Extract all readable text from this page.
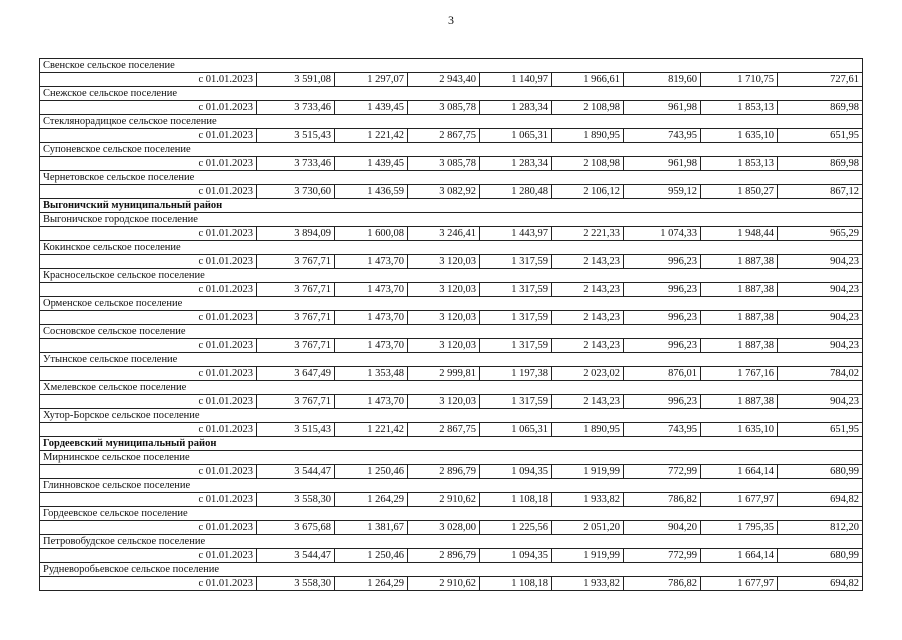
3
Свенское сельское поселение								
с 01.01.2023	3 591,08	1 297,07	2 943,40	1 140,97	1 966,61	819,60	1 710,75	727,61
Снежское сельское поселение								
с 01.01.2023	3 733,46	1 439,45	3 085,78	1 283,34	2 108,98	961,98	1 853,13	869,98
Стеклянорадицкое сельское поселение								
с 01.01.2023	3 515,43	1 221,42	2 867,75	1 065,31	1 890,95	743,95	1 635,10	651,95
Супоневское сельское поселение								
с 01.01.2023	3 733,46	1 439,45	3 085,78	1 283,34	2 108,98	961,98	1 853,13	869,98
Чернетовское сельское поселение								
с 01.01.2023	3 730,60	1 436,59	3 082,92	1 280,48	2 106,12	959,12	1 850,27	867,12
Выгоничский муниципальный район								
Выгоничское городское поселение								
с 01.01.2023	3 894,09	1 600,08	3 246,41	1 443,97	2 221,33	1 074,33	1 948,44	965,29
Кокинское сельское поселение								
с 01.01.2023	3 767,71	1 473,70	3 120,03	1 317,59	2 143,23	996,23	1 887,38	904,23
Красносельское сельское поселение								
с 01.01.2023	3 767,71	1 473,70	3 120,03	1 317,59	2 143,23	996,23	1 887,38	904,23
Орменское сельское поселение								
с 01.01.2023	3 767,71	1 473,70	3 120,03	1 317,59	2 143,23	996,23	1 887,38	904,23
Сосновское сельское поселение								
с 01.01.2023	3 767,71	1 473,70	3 120,03	1 317,59	2 143,23	996,23	1 887,38	904,23
Утынское сельское поселение								
с 01.01.2023	3 647,49	1 353,48	2 999,81	1 197,38	2 023,02	876,01	1 767,16	784,02
Хмелевское сельское поселение								
с 01.01.2023	3 767,71	1 473,70	3 120,03	1 317,59	2 143,23	996,23	1 887,38	904,23
Хутор-Борское сельское поселение								
с 01.01.2023	3 515,43	1 221,42	2 867,75	1 065,31	1 890,95	743,95	1 635,10	651,95
Гордеевский муниципальный район								
Мирнинское сельское поселение								
с 01.01.2023	3 544,47	1 250,46	2 896,79	1 094,35	1 919,99	772,99	1 664,14	680,99
Глинновское сельское поселение								
с 01.01.2023	3 558,30	1 264,29	2 910,62	1 108,18	1 933,82	786,82	1 677,97	694,82
Гордеевское сельское поселение								
с 01.01.2023	3 675,68	1 381,67	3 028,00	1 225,56	2 051,20	904,20	1 795,35	812,20
Петровобудское сельское поселение								
с 01.01.2023	3 544,47	1 250,46	2 896,79	1 094,35	1 919,99	772,99	1 664,14	680,99
Рудневоробьевское сельское поселение								
с 01.01.2023	3 558,30	1 264,29	2 910,62	1 108,18	1 933,82	786,82	1 677,97	694,82
